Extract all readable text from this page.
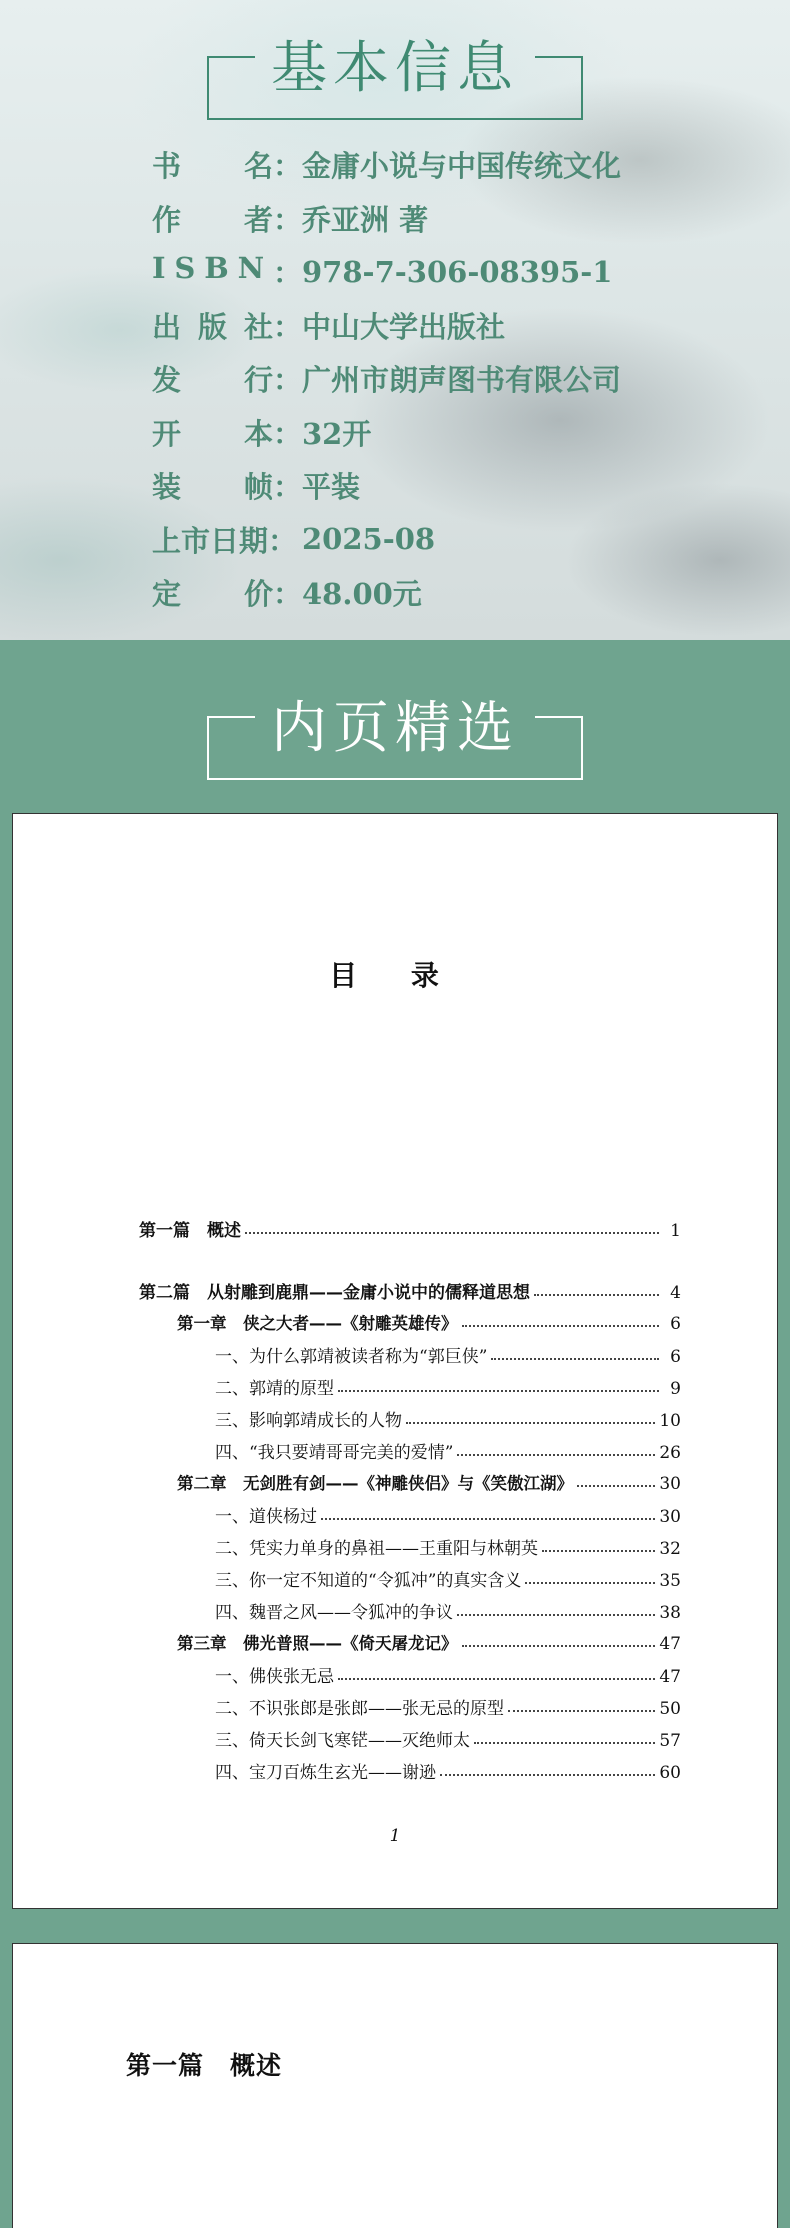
基本信息
书 名： 金庸小说与中国传统文化
作 者： 乔亚洲 著
I S B N ： 978-7-306-08395-1
出 版 社： 中山大学出版社
发 行： 广州市朗声图书有限公司
开 本： 32开
装 帧： 平装
上市日期： 2025-08
定 价： 48.00元
内页精选
目 录
第一篇　概述	1
第二篇　从射雕到鹿鼎——金庸小说中的儒释道思想	4
第一章　侠之大者——《射雕英雄传》	6
一、为什么郭靖被读者称为“郭巨侠”	6
二、郭靖的原型	9
三、影响郭靖成长的人物	10
四、“我只要靖哥哥完美的爱情”	26
第二章　无剑胜有剑——《神雕侠侣》与《笑傲江湖》	30
一、道侠杨过	30
二、凭实力单身的鼻祖——王重阳与林朝英	32
三、你一定不知道的“令狐冲”的真实含义	35
四、魏晋之风——令狐冲的争议	38
第三章　佛光普照——《倚天屠龙记》	47
一、佛侠张无忌	47
二、不识张郎是张郎——张无忌的原型	50
三、倚天长剑飞寒铓——灭绝师太	57
四、宝刀百炼生玄光——谢逊	60
1
第一篇　概述
